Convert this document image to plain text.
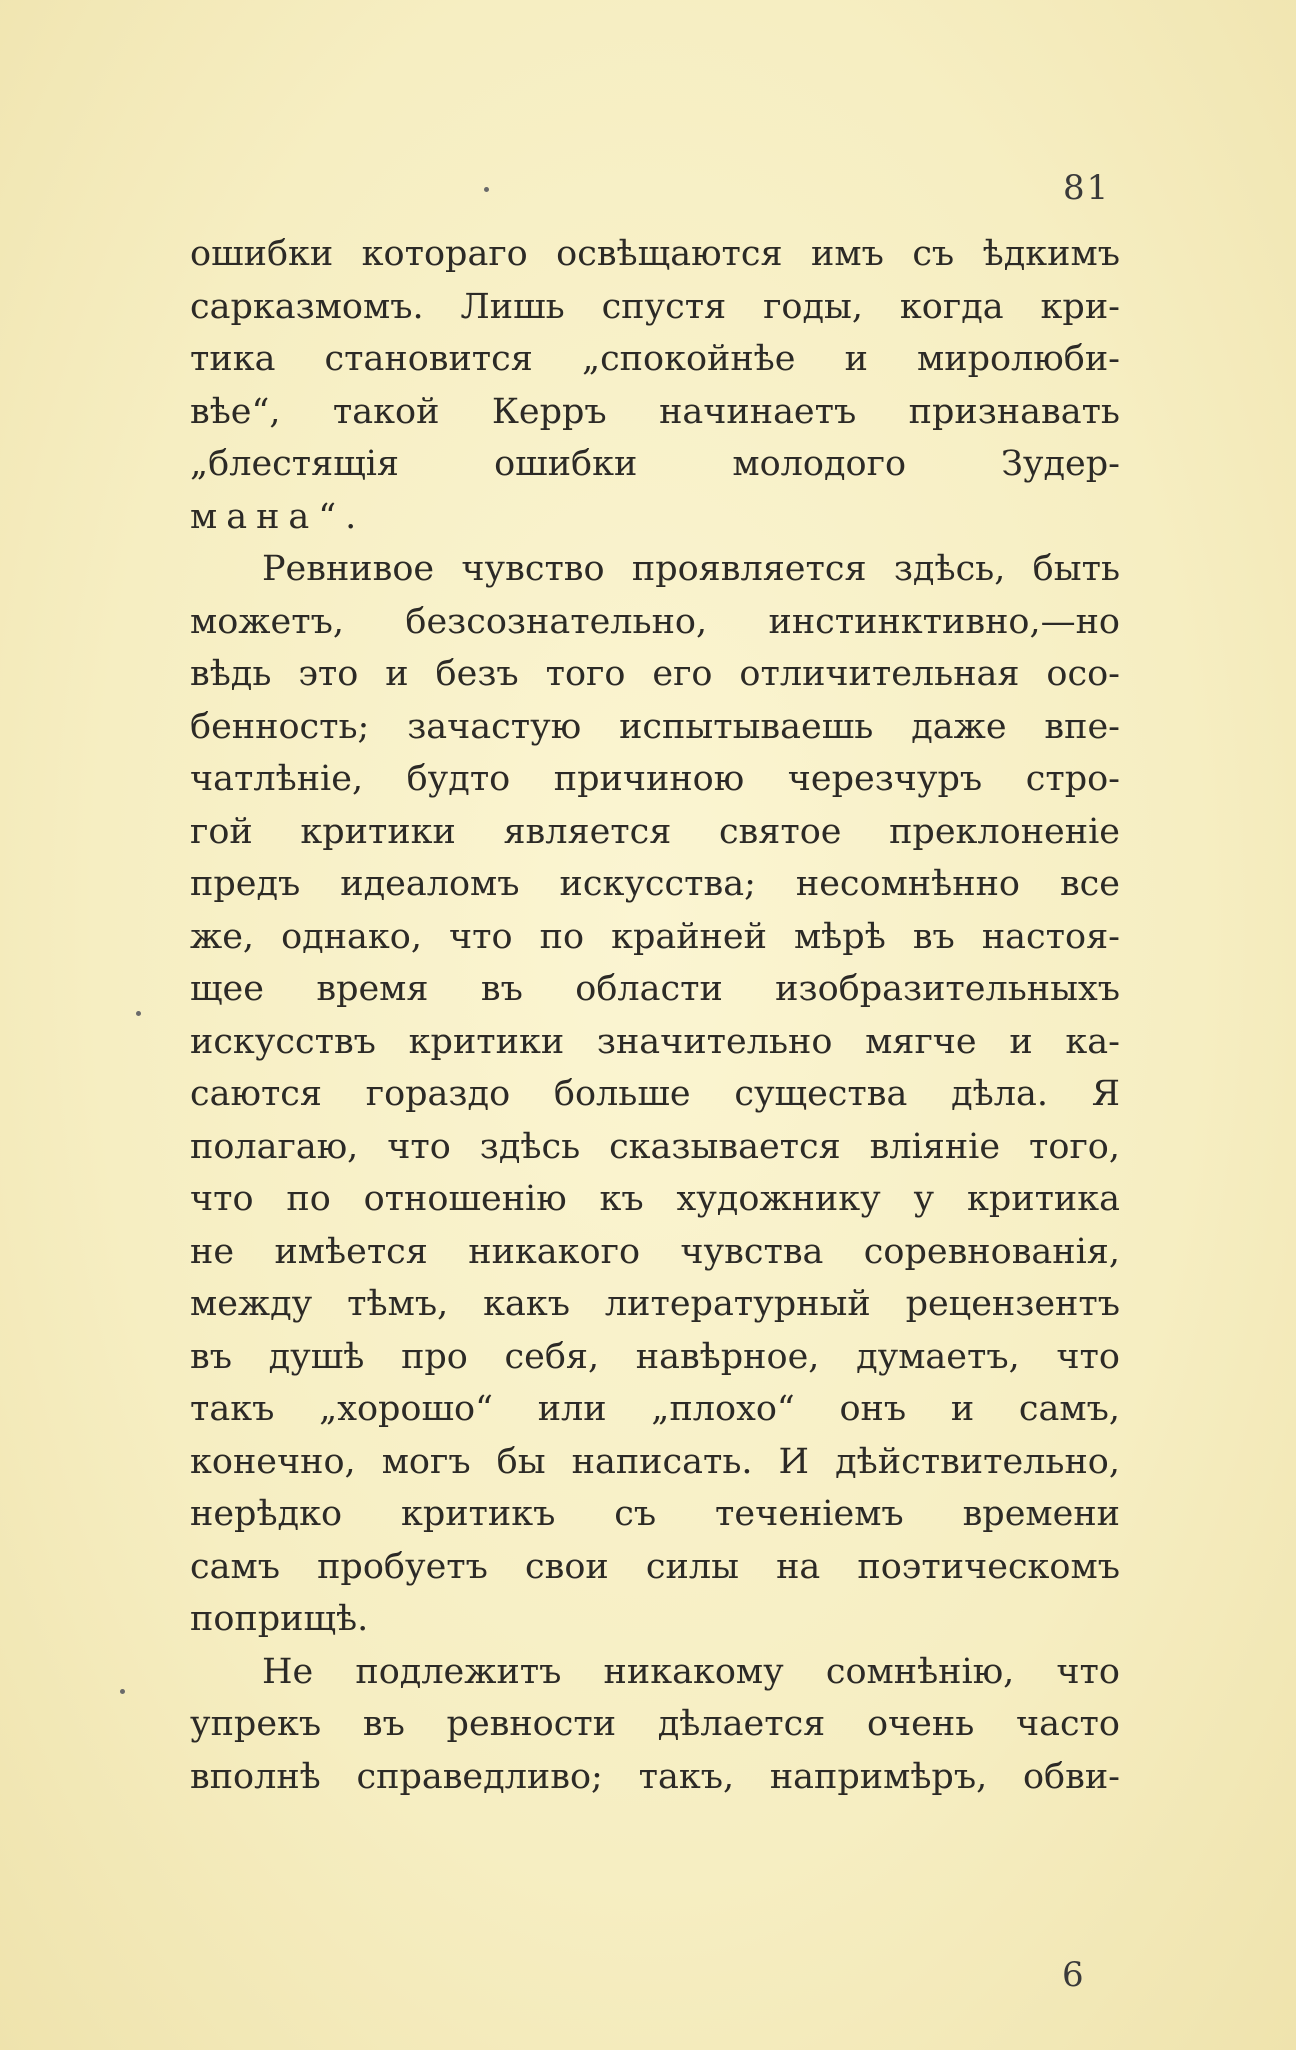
81
ошибки котораго освѣщаются имъ съ ѣдкимъ
сарказмомъ. Лишь спустя годы, когда кри-
тика становится „спокойнѣе и миролюби-
вѣе“, такой Керръ начинаетъ признавать
„блестящія ошибки молодого Зудер-
мана“.
Ревнивое чувство проявляется здѣсь, быть
можетъ, безсознательно, инстинктивно,—но
вѣдь это и безъ того его отличительная осо-
бенность; зачастую испытываешь даже впе-
чатлѣніе, будто причиною черезчуръ стро-
гой критики является святое преклоненіе
предъ идеаломъ искусства; несомнѣнно все
же, однако, что по крайней мѣрѣ въ настоя-
щее время въ области изобразительныхъ
искусствъ критики значительно мягче и ка-
саются гораздо больше существа дѣла. Я
полагаю, что здѣсь сказывается вліяніе того,
что по отношенію къ художнику у критика
не имѣется никакого чувства соревнованія,
между тѣмъ, какъ литературный рецензентъ
въ душѣ про себя, навѣрное, думаетъ, что
такъ „хорошо“ или „плохо“ онъ и самъ,
конечно, могъ бы написать. И дѣйствительно,
нерѣдко критикъ съ теченіемъ времени
самъ пробуетъ свои силы на поэтическомъ
поприщѣ.
Не подлежитъ никакому сомнѣнію, что
упрекъ въ ревности дѣлается очень часто
вполнѣ справедливо; такъ, напримѣръ, обви-
6
